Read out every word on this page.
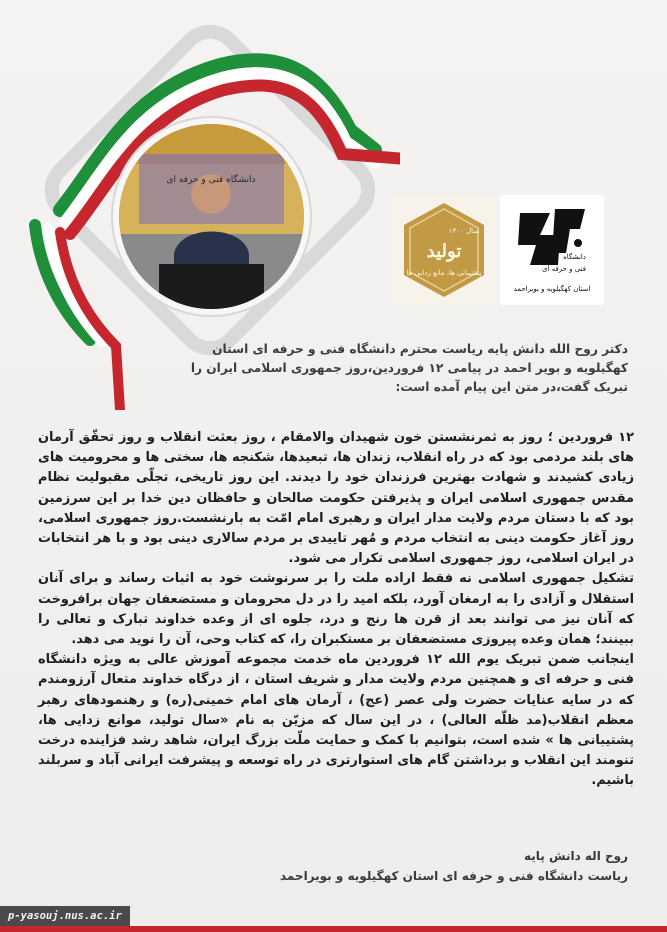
دانشگاه فنی و حرفه ای
سال ۱۴۰۰
تولید
پشتیبانی ها، مانع زدایی ها
دانشگاه
فنی و حرفه ای
استان کهگیلویه و بویراحمد
دکتر روح الله دانش پایه ریاست محترم دانشگاه فنی و حرفه ای استان
کهگیلویه و بویر احمد در پیامی ۱۲ فروردین،روز جمهوری اسلامی ایران را
تبریک گفت،در متن این پیام آمده است:

۱۲ فروردین ؛ روز به ثمرنشستن خون شهیدان والامقام ، روز بعثت انقلاب و روز تحقّق آرمان های بلند مردمی بود که در راه انقلاب، زندان ها، تبعیدها، شکنجه ها، سختی ها و محرومیت های زیادی کشیدند و شهادت بهترین فرزندان خود را دیدند. این روز تاریخی، تجلّی مقبولیت نظام مقدس جمهوری اسلامی ایران و پذیرفتن حکومت صالحان و حافظان دین خدا بر این سرزمین بود که با دستان مردم ولایت مدار ایران و رهبری امام امّت به بارنشست.روز جمهوری اسلامی، روز آغاز حکومت دینی به انتخاب مردم و مُهر تاییدی بر مردم سالاری دینی بود و با هر انتخابات در ایران اسلامی، روز جمهوری اسلامی تکرار می شود.

تشکیل جمهوری اسلامی نه فقط اراده ملت را بر سرنوشت خود به اثبات رساند و برای آنان استقلال و آزادی را به ارمغان آورد، بلکه امید را در دل محرومان و مستضعفان جهان برافروخت که آنان نیز می توانند بعد از قرن ها رنج و درد، جلوه ای از وعده خداوند تبارک و تعالی را ببینند؛ همان وعده پیروزی مستضعفان بر مستکبران را، که کتاب وحی، آن را نوید می دهد.

اینجانب ضمن تبریک یوم الله ۱۲ فروردین ماه خدمت مجموعه آموزش عالی به ویژه دانشگاه فنی و حرفه ای و همچنین مردم ولایت مدار و شریف استان ، از درگاه خداوند متعال آرزومندم که در سایه عنایات حضرت ولی عصر (عج) ، آرمان های امام خمینی(ره) و رهنمودهای رهبر معظم انقلاب(مد ظلّه العالی) ، در این سال که مزیّن به نام «سال تولید، موانع زدایی ها، پشتیبانی ها » شده است، بتوانیم با کمک و حمایت ملّت بزرگ ایران، شاهد رشد فزاینده درخت تنومند این انقلاب و برداشتن گام های استوارتری در راه توسعه و پیشرفت ایرانی آباد و سربلند باشیم.

روح اله دانش پایه
ریاست دانشگاه فنی و حرفه ای استان کهگیلویه و بویراحمد
p-yasouj.nus.ac.ir
